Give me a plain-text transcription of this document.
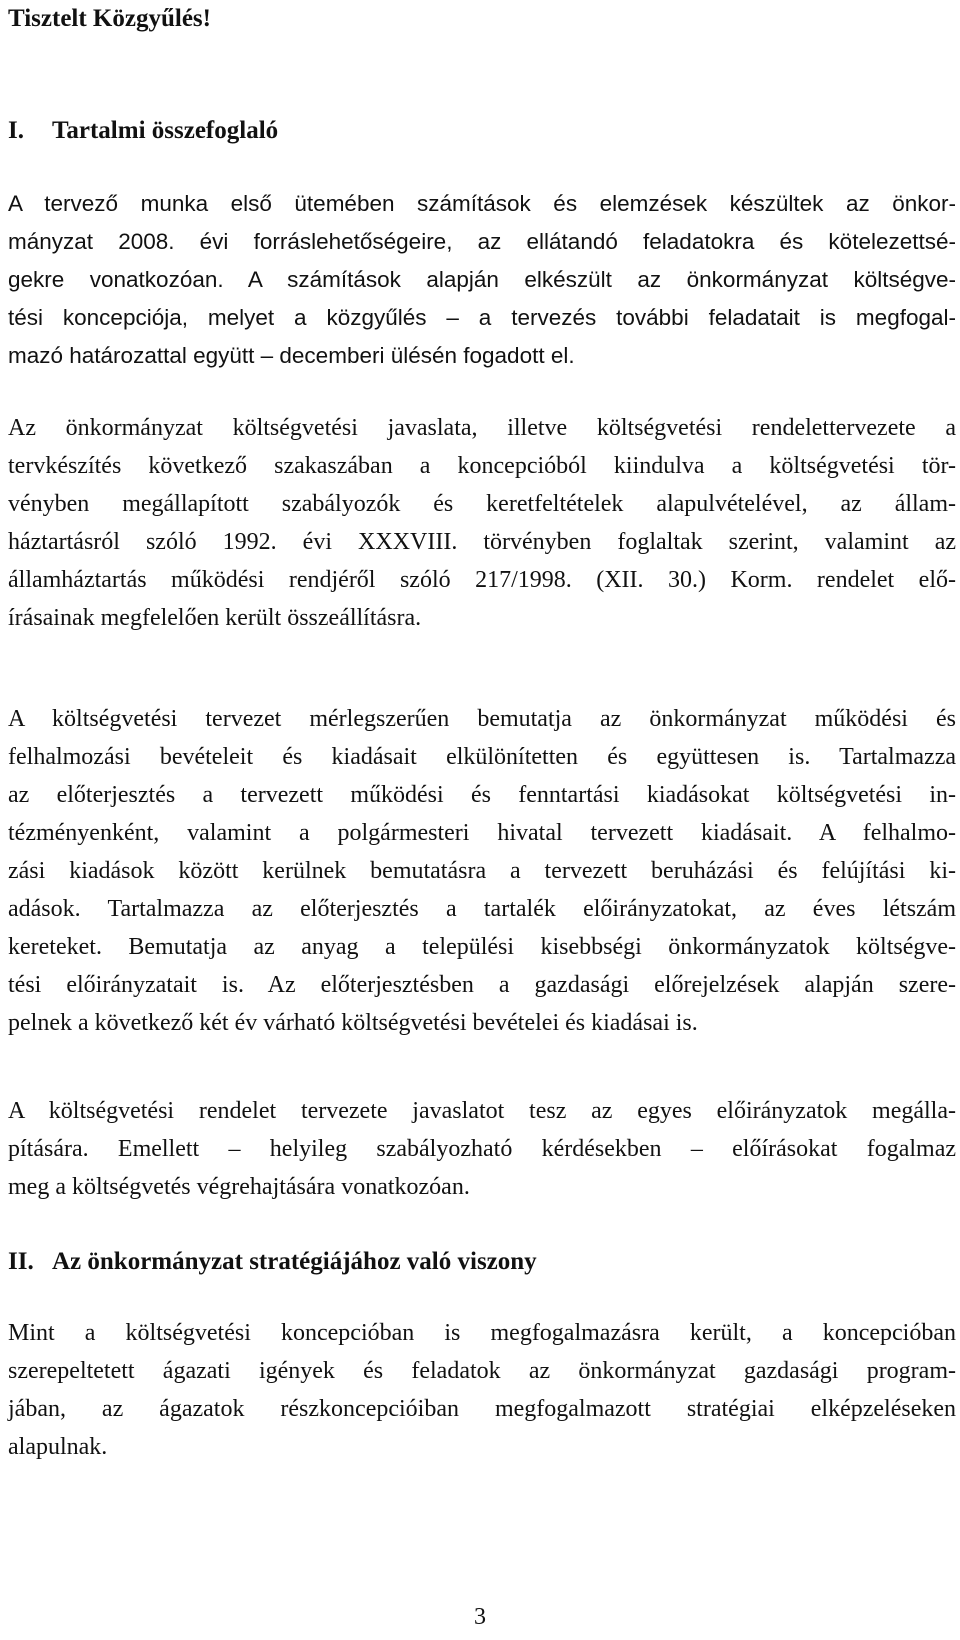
Tisztelt Közgyűlés!
I. Tartalmi összefoglaló
A tervező munka első ütemében számítások és elemzések készültek az önkor-
mányzat 2008. évi forráslehetőségeire, az ellátandó feladatokra és kötelezettsé-
gekre vonatkozóan. A számítások alapján elkészült az önkormányzat költségve-
tési koncepciója, melyet a közgyűlés – a tervezés további feladatait is megfogal-
mazó határozattal együtt – decemberi ülésén fogadott el.
Az önkormányzat költségvetési javaslata, illetve költségvetési rendelettervezete a
tervkészítés következő szakaszában a koncepcióból kiindulva a költségvetési tör-
vényben megállapított szabályozók és keretfeltételek alapulvételével, az állam-
háztartásról szóló 1992. évi XXXVIII. törvényben foglaltak szerint, valamint az
államháztartás működési rendjéről szóló 217/1998. (XII. 30.) Korm. rendelet elő-
írásainak megfelelően került összeállításra.
A költségvetési tervezet mérlegszerűen bemutatja az önkormányzat működési és
felhalmozási bevételeit és kiadásait elkülönítetten és együttesen is. Tartalmazza
az előterjesztés a tervezett működési és fenntartási kiadásokat költségvetési in-
tézményenként, valamint a polgármesteri hivatal tervezett kiadásait. A felhalmo-
zási kiadások között kerülnek bemutatásra a tervezett beruházási és felújítási ki-
adások. Tartalmazza az előterjesztés a tartalék előirányzatokat, az éves létszám
kereteket. Bemutatja az anyag a települési kisebbségi önkormányzatok költségve-
tési előirányzatait is. Az előterjesztésben a gazdasági előrejelzések alapján szere-
pelnek a következő két év várható költségvetési bevételei és kiadásai is.
A költségvetési rendelet tervezete javaslatot tesz az egyes előirányzatok megálla-
pítására. Emellett – helyileg szabályozható kérdésekben – előírásokat fogalmaz
meg a költségvetés végrehajtására vonatkozóan.
II. Az önkormányzat stratégiájához való viszony
Mint a költségvetési koncepcióban is megfogalmazásra került, a koncepcióban
szerepeltetett ágazati igények és feladatok az önkormányzat gazdasági program-
jában, az ágazatok részkoncepcióiban megfogalmazott stratégiai elképzeléseken
alapulnak.
3
